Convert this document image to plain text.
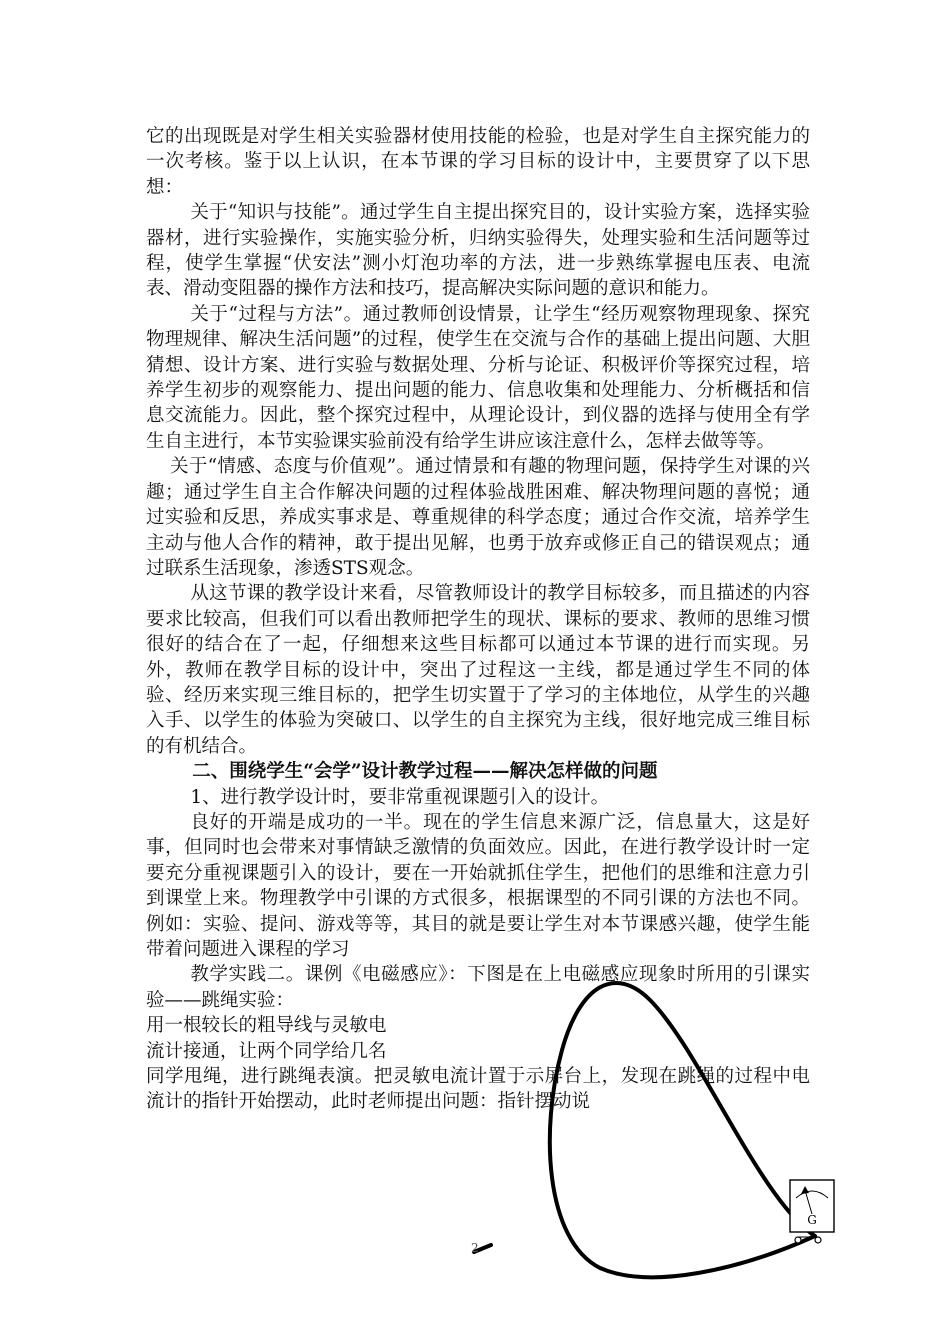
它的出现既是对学生相关实验器材使用技能的检验，也是对学生自主探究能力的一次考核。鉴于以上认识，在本节课的学习目标的设计中，主要贯穿了以下思想：

关于“知识与技能”。通过学生自主提出探究目的，设计实验方案，选择实验器材，进行实验操作，实施实验分析，归纳实验得失，处理实验和生活问题等过程，使学生掌握“伏安法”测小灯泡功率的方法，进一步熟练掌握电压表、电流表、滑动变阻器的操作方法和技巧，提高解决实际问题的意识和能力。

关于“过程与方法”。通过教师创设情景，让学生“经历观察物理现象、探究物理规律、解决生活问题”的过程，使学生在交流与合作的基础上提出问题、大胆猜想、设计方案、进行实验与数据处理、分析与论证、积极评价等探究过程，培养学生初步的观察能力、提出问题的能力、信息收集和处理能力、分析概括和信息交流能力。因此，整个探究过程中，从理论设计，到仪器的选择与使用全有学生自主进行，本节实验课实验前没有给学生讲应该注意什么，怎样去做等等。

关于“情感、态度与价值观”。通过情景和有趣的物理问题，保持学生对课的兴趣；通过学生自主合作解决问题的过程体验战胜困难、解决物理问题的喜悦；通过实验和反思，养成实事求是、尊重规律的科学态度；通过合作交流，培养学生主动与他人合作的精神，敢于提出见解，也勇于放弃或修正自己的错误观点；通过联系生活现象，渗透STS观念。

从这节课的教学设计来看，尽管教师设计的教学目标较多，而且描述的内容要求比较高，但我们可以看出教师把学生的现状、课标的要求、教师的思维习惯很好的结合在了一起，仔细想来这些目标都可以通过本节课的进行而实现。另外，教师在教学目标的设计中，突出了过程这一主线，都是通过学生不同的体验、经历来实现三维目标的，把学生切实置于了学习的主体地位，从学生的兴趣入手、以学生的体验为突破口、以学生的自主探究为主线，很好地完成三维目标的有机结合。

二、围绕学生“会学”设计教学过程——解决怎样做的问题

1、进行教学设计时，要非常重视课题引入的设计。

良好的开端是成功的一半。现在的学生信息来源广泛，信息量大，这是好事，但同时也会带来对事情缺乏激情的负面效应。因此，在进行教学设计时一定要充分重视课题引入的设计，要在一开始就抓住学生，把他们的思维和注意力引到课堂上来。物理教学中引课的方式很多，根据课型的不同引课的方法也不同。例如：实验、提问、游戏等等，其目的就是要让学生对本节课感兴趣，使学生能带着问题进入课程的学习

教学实践二。课例《电磁感应》：下图是在上电磁感应现象时所用的引课实验——跳绳实验：

用一根较长的粗导线与灵敏电

流计接通，让两个同学给几名

同学甩绳，进行跳绳表演。把灵敏电流计置于示屏台上，发现在跳绳的过程中电流计的指针开始摆动，此时老师提出问题：指针摆动说

G
2
